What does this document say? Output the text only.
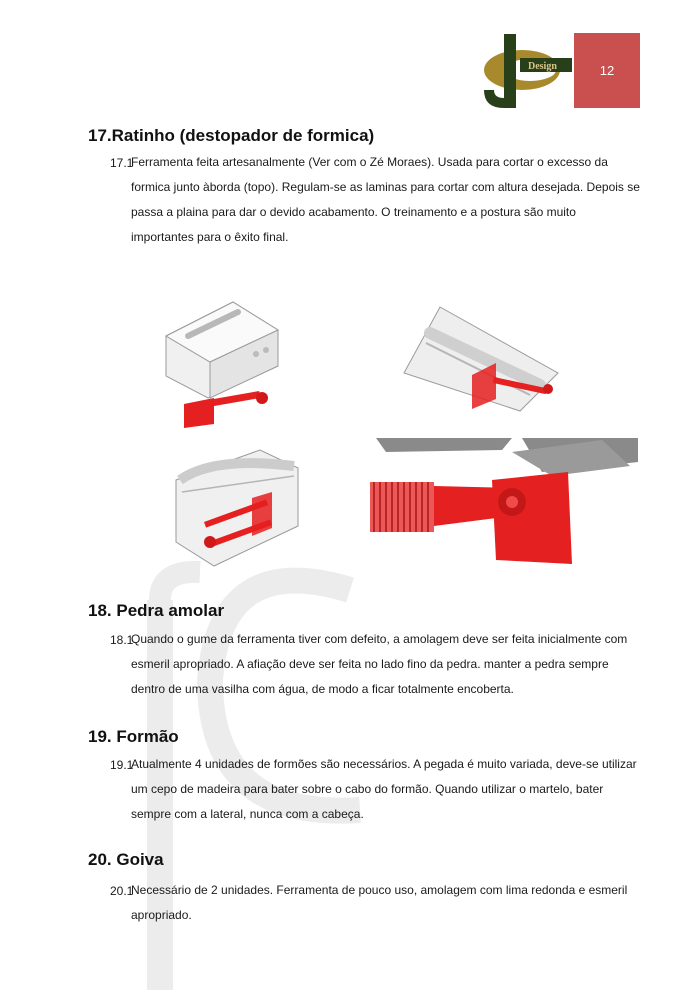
Design	12
17.Ratinho (destopador de formica)
17.1

Ferramenta feita artesanalmente (Ver com o Zé Moraes). Usada para cortar o excesso da formica junto àborda (topo). Regulam-se as laminas para cortar com altura desejada. Depois se passa a plaina para dar o devido acabamento. O treinamento e a postura são muito importantes para o êxito final.

18. Pedra amolar
18.1

Quando o gume da ferramenta tiver com defeito, a amolagem deve ser feita inicialmente com esmeril apropriado. A afiação deve ser feita no lado fino da pedra. manter a pedra sempre dentro de uma vasilha com água, de modo a ficar totalmente encoberta.

19. Formão
19.1

Atualmente 4 unidades de formões são necessários. A pegada é muito variada, deve-se utilizar um cepo de madeira para bater sobre o cabo do formão. Quando utilizar o martelo, bater sempre com a lateral, nunca com a cabeça.

20. Goiva
20.1

Necessário de 2 unidades. Ferramenta de pouco uso, amolagem com lima redonda e esmeril apropriado.
